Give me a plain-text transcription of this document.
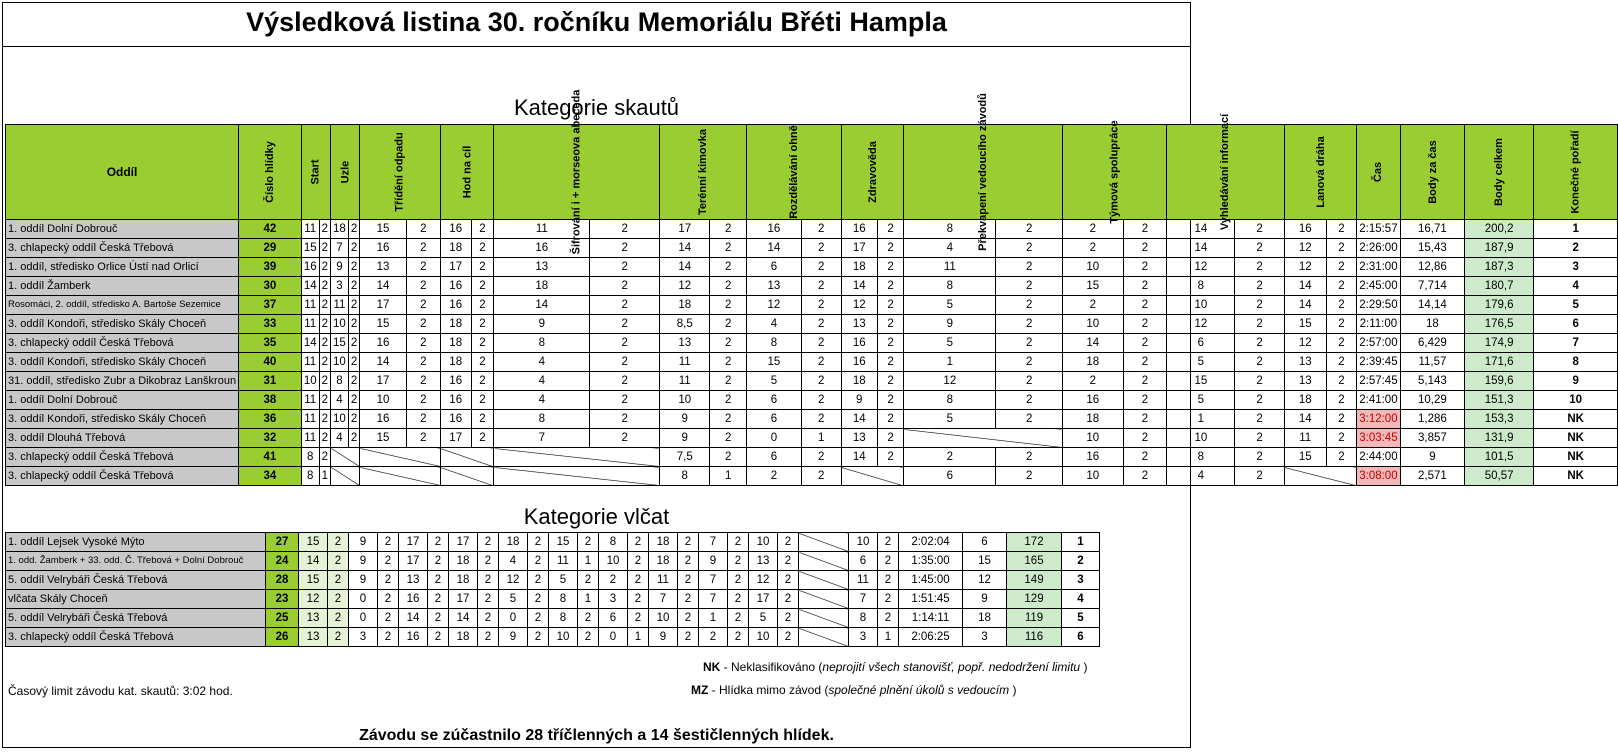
Výsledková listina 30. ročníku Memoriálu Břéti Hampla
Kategorie skautů
Oddíl	Číslo hlídky	Start		Uzle		Třídění odpadu		Hod na cíl		Šifrování i + morseova abeceda		Terénní kimovka		Rozdělávání ohně		Zdravověda		Překvapení vedoucího závodů		Týmová spolupráce		Vyhledávání informací		Lanová dráha		Čas	Body za čas	Body celkem	Konečné pořadí
1. oddíl Dolní Dobrouč	42	11	2	18	2	15	2	16	2	11	2	17	2	16	2	16	2	8	2	2	2	14	2	16	2	2:15:57	16,71	200,2	1
3. chlapecký oddíl Česká Třebová	29	15	2	7	2	16	2	18	2	16	2	14	2	14	2	17	2	4	2	2	2	14	2	12	2	2:26:00	15,43	187,9	2
1. oddíl, středisko Orlice Ústí nad Orlicí	39	16	2	9	2	13	2	17	2	13	2	14	2	6	2	18	2	11	2	10	2	12	2	12	2	2:31:00	12,86	187,3	3
1. oddíl Žamberk	30	14	2	3	2	14	2	16	2	18	2	12	2	13	2	14	2	8	2	15	2	8	2	14	2	2:45:00	7,714	180,7	4
Rosomáci, 2. oddíl, středisko A. Bartoše Sezemice	37	11	2	11	2	17	2	16	2	14	2	18	2	12	2	12	2	5	2	2	2	10	2	14	2	2:29:50	14,14	179,6	5
3. oddíl Kondoři, středisko Skály Choceň	33	11	2	10	2	15	2	18	2	9	2	8,5	2	4	2	13	2	9	2	10	2	12	2	15	2	2:11:00	18	176,5	6
3. chlapecký oddíl Česká Třebová	35	14	2	15	2	16	2	18	2	8	2	13	2	8	2	16	2	5	2	14	2	6	2	12	2	2:57:00	6,429	174,9	7
3. oddíl Kondoři, středisko Skály Choceň	40	11	2	10	2	14	2	18	2	4	2	11	2	15	2	16	2	1	2	18	2	5	2	13	2	2:39:45	11,57	171,6	8
31. oddíl, středisko Zubr a Dikobraz Lanškroun	31	10	2	8	2	17	2	16	2	4	2	11	2	5	2	18	2	12	2	2	2	15	2	13	2	2:57:45	5,143	159,6	9
1. oddíl Dolní Dobrouč	38	11	2	4	2	10	2	16	2	4	2	10	2	6	2	9	2	8	2	16	2	5	2	18	2	2:41:00	10,29	151,3	10
3. oddíl Kondoři, středisko Skály Choceň	36	11	2	10	2	16	2	16	2	8	2	9	2	6	2	14	2	5	2	18	2	1	2	14	2	3:12:00	1,286	153,3	NK
3. oddíl Dlouhá Třebová	32	11	2	4	2	15	2	17	2	7	2	9	2	0	1	13	2			10	2	10	2	11	2	3:03:45	3,857	131,9	NK
3. chlapecký oddíl Česká Třebová	41	8	2									7,5	2	6	2	14	2	2	2	16	2	8	2	15	2	2:44:00	9	101,5	NK
3. chlapecký oddíl Česká Třebová	34	8	1									8	1	2	2			6	2	10	2	4	2			3:08:00	2,571	50,57	NK
Kategorie vlčat
1. oddíl Lejsek Vysoké Mýto	27	15	2	9	2	17	2	17	2	18	2	15	2	8	2	18	2	7	2	10	2		10	2	2:02:04	6	172	1
1. odd. Žamberk + 33. odd. Č. Třebová + Dolní Dobrouč	24	14	2	9	2	17	2	18	2	4	2	11	1	10	2	18	2	9	2	13	2		6	2	1:35:00	15	165	2
5. oddíl Velrybáři Česká Třebová	28	15	2	9	2	13	2	18	2	12	2	5	2	2	2	11	2	7	2	12	2		11	2	1:45:00	12	149	3
vlčata Skály Choceň	23	12	2	0	2	16	2	17	2	5	2	8	1	3	2	7	2	7	2	17	2		7	2	1:51:45	9	129	4
5. oddíl Velrybáři Česká Třebová	25	13	2	0	2	14	2	14	2	0	2	8	2	6	2	10	2	1	2	5	2		8	2	1:14:11	18	119	5
3. chlapecký oddíl Česká Třebová	26	13	2	3	2	16	2	18	2	9	2	10	2	0	1	9	2	2	2	10	2		3	1	2:06:25	3	116	6
NK - Neklasifikováno (neprojití všech stanovišť, popř. nedodržení limitu )
MZ - Hlídka mimo závod (společné plnění úkolů s vedoucím )
Časový limit závodu kat. skautů: 3:02 hod.
Závodu se zúčastnilo 28 tříčlenných a 14 šestičlenných hlídek.
